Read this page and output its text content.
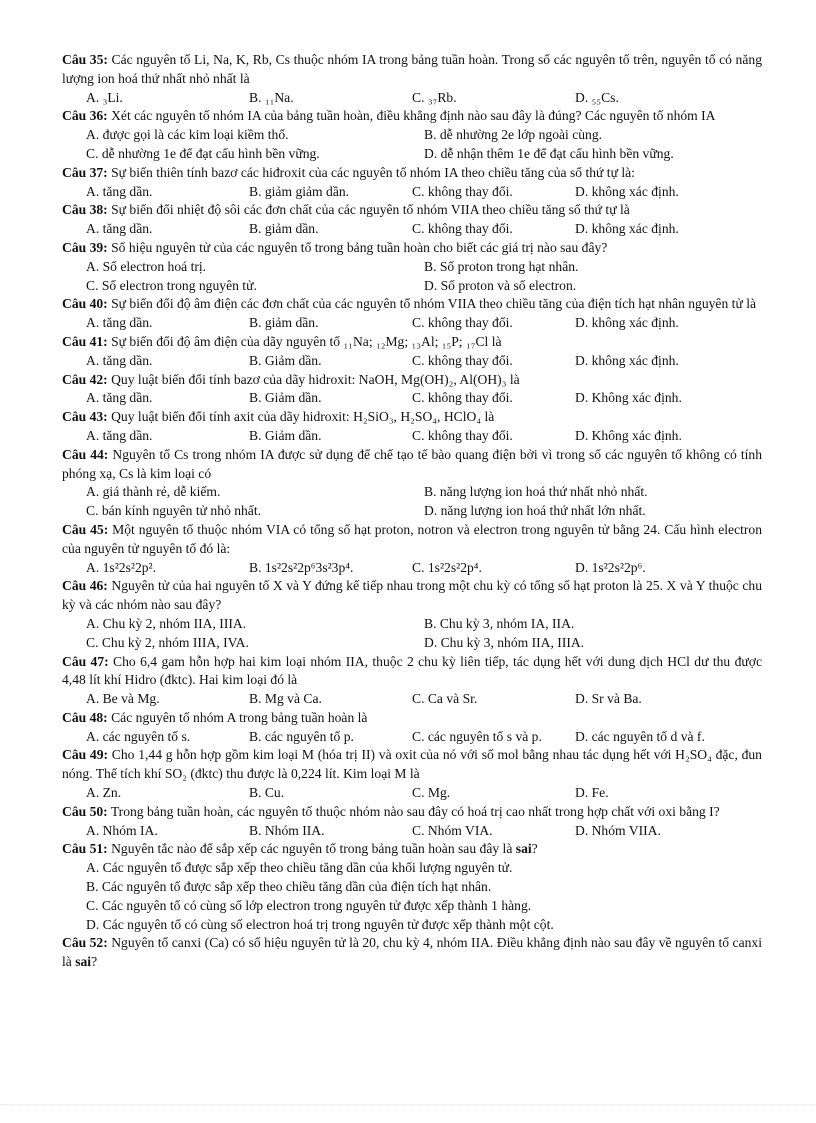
Câu 35: Các nguyên tố Li, Na, K, Rb, Cs thuộc nhóm IA trong bảng tuần hoàn. Trong số các nguyên tố trên, nguyên tố có năng lượng ion hoá thứ nhất nhỏ nhất là

A. ₃Li.	B. ₁₁Na.	C. ₃₇Rb.	D. ₅₅Cs.

Câu 36: Xét các nguyên tố nhóm IA của bảng tuần hoàn, điều khẳng định nào sau đây là đúng? Các nguyên tố nhóm IA

A. được gọi là các kim loại kiềm thổ.	B. dễ nhường 2e lớp ngoài cùng.
C. dễ nhường 1e để đạt cấu hình bền vững.	D. dễ nhận thêm 1e để đạt cấu hình bền vững.

Câu 37: Sự biến thiên tính bazơ các hiđroxit của các nguyên tố nhóm IA theo chiều tăng của số thứ tự là:

A. tăng dần.	B. giảm giảm dần.	C. không thay đổi.	D. không xác định.

Câu 38: Sự biến đổi nhiệt độ sôi các đơn chất của các nguyên tố nhóm VIIA theo chiều tăng số thứ tự là

A. tăng dần.	B. giảm dần.	C. không thay đổi.	D. không xác định.

Câu 39: Số hiệu nguyên tử của các nguyên tố trong bảng tuần hoàn cho biết các giá trị nào sau đây?

A. Số electron hoá trị.	B. Số proton trong hạt nhân.
C. Số electron trong nguyên tử.	D. Số proton và số electron.

Câu 40: Sự biến đổi độ âm điện các đơn chất của các nguyên tố nhóm VIIA theo chiều tăng của điện tích hạt nhân nguyên tử là

A. tăng dần.	B. giảm dần.	C. không thay đổi.	D. không xác định.

Câu 41: Sự biến đổi độ âm điện của dãy nguyên tố ₁₁Na; ₁₂Mg; ₁₃Al; ₁₅P; ₁₇Cl là

A. tăng dần.	B. Giảm dần.	C. không thay đổi.	D. không xác định.

Câu 42: Quy luật biến đổi tính bazơ của dãy hidroxit: NaOH, Mg(OH)₂, Al(OH)₃ là

A. tăng dần.	B. Giảm dần.	C. không thay đổi.	D. Không xác định.

Câu 43: Quy luật biến đổi tính axit của dãy hidroxit: H₂SiO₃, H₂SO₄, HClO₄ là

A. tăng dần.	B. Giảm dần.	C. không thay đổi.	D. Không xác định.

Câu 44: Nguyên tố Cs trong nhóm IA được sử dụng để chế tạo tế bào quang điện bởi vì trong số các nguyên tố không có tính phóng xạ, Cs là kim loại có

A. giá thành rẻ, dễ kiếm.	B. năng lượng ion hoá thứ nhất nhỏ nhất.
C. bán kính nguyên tử nhỏ nhất.	D. năng lượng ion hoá thứ nhất lớn nhất.

Câu 45: Một nguyên tố thuộc nhóm VIA có tổng số hạt proton, notron và electron trong nguyên tử bằng 24. Cấu hình electron của nguyên tử nguyên tố đó là:

A. 1s²2s²2p².	B. 1s²2s²2p⁶3s²3p⁴.	C. 1s²2s²2p⁴.	D. 1s²2s²2p⁶.

Câu 46: Nguyên tử của hai nguyên tố X và Y đứng kế tiếp nhau trong một chu kỳ có tổng số hạt proton là 25. X và Y thuộc chu kỳ và các nhóm nào sau đây?

A. Chu kỳ 2, nhóm IIA, IIIA.	B. Chu kỳ 3, nhóm IA, IIA.
C. Chu kỳ 2, nhóm IIIA, IVA.	D. Chu kỳ 3, nhóm IIA, IIIA.

Câu 47: Cho 6,4 gam hỗn hợp hai kim loại nhóm IIA, thuộc 2 chu kỳ liên tiếp, tác dụng hết với dung dịch HCl dư thu được 4,48 lít khí Hidro (đktc). Hai kim loại đó là

A. Be và Mg.	B. Mg và Ca.	C. Ca và Sr.	D. Sr và Ba.

Câu 48: Các nguyên tố nhóm A trong bảng tuần hoàn là

A. các nguyên tố s.	B. các nguyên tố p.	C. các nguyên tố s và p.	D. các nguyên tố d và f.

Câu 49: Cho 1,44 g hỗn hợp gồm kim loại M (hóa trị II) và oxit của nó với số mol bằng nhau tác dụng hết với H₂SO₄ đặc, đun nóng. Thể tích khí SO₂ (đktc) thu được là 0,224 lít. Kim loại M là

A. Zn.	B. Cu.	C. Mg.	D. Fe.

Câu 50: Trong bảng tuần hoàn, các nguyên tố thuộc nhóm nào sau đây có hoá trị cao nhất trong hợp chất với oxi bằng I?

A. Nhóm IA.	B. Nhóm IIA.	C. Nhóm VIA.	D. Nhóm VIIA.

Câu 51: Nguyên tắc nào để sắp xếp các nguyên tố trong bảng tuần hoàn sau đây là sai?

A. Các nguyên tố được sắp xếp theo chiều tăng dần của khối lượng nguyên tử.
B. Các nguyên tố được sắp xếp theo chiều tăng dần của điện tích hạt nhân.
C. Các nguyên tố có cùng số lớp electron trong nguyên tử được xếp thành 1 hàng.
D. Các nguyên tố có cùng số electron hoá trị trong nguyên tử được xếp thành một cột.

Câu 52: Nguyên tố canxi (Ca) có số hiệu nguyên tử là 20, chu kỳ 4, nhóm IIA. Điều khẳng định nào sau đây về nguyên tố canxi là sai?
